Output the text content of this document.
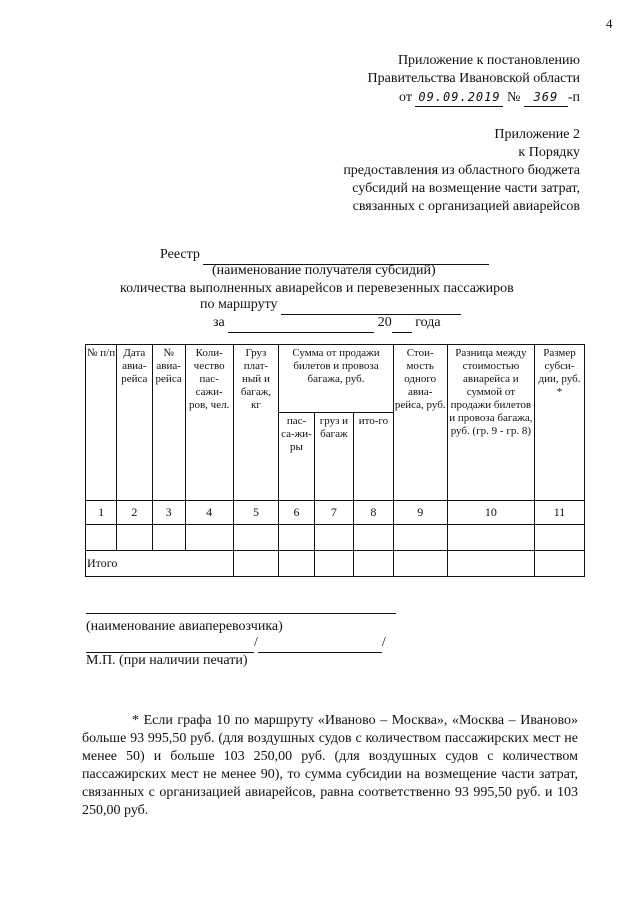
4
Приложение к постановлению
Правительства Ивановской области
от 09.09.2019 № 369 -п
Приложение 2
к Порядку
предоставления из областного бюджета
субсидий на возмещение части затрат,
связанных с организацией авиарейсов
Реестр
(наименование получателя субсидий)
количества выполненных авиарейсов и перевезенных пассажиров
по маршруту
за	20 года
№ п/п	Дата авиа-рейса	№ авиа-рейса	Коли-чество пас-сажи-ров, чел.	Груз плат-ный и багаж, кг	Сумма от продажи билетов и провоза багажа, руб.			Стои-мость одного авиа-рейса, руб.	Разница между стоимостью авиарейса и суммой от продажи билетов и провоза багажа, руб. (гр. 9 - гр. 8)	Размер субси-дии, руб. *
					пас-са-жи-ры	груз и багаж	ито-го			
1	2	3	4	5	6	7	8	9	10	11

Итого										
(наименование авиаперевозчика)
/	/
М.П. (при наличии печати)
* Если графа 10 по маршруту «Иваново – Москва», «Москва – Иваново» больше 93 995,50 руб. (для воздушных судов с количеством пассажирских мест не менее 50) и больше 103 250,00 руб. (для воздушных судов с количеством пассажирских мест не менее 90), то сумма субсидии на возмещение части затрат, связанных с организацией авиарейсов, равна соответственно 93 995,50 руб. и 103 250,00 руб.
